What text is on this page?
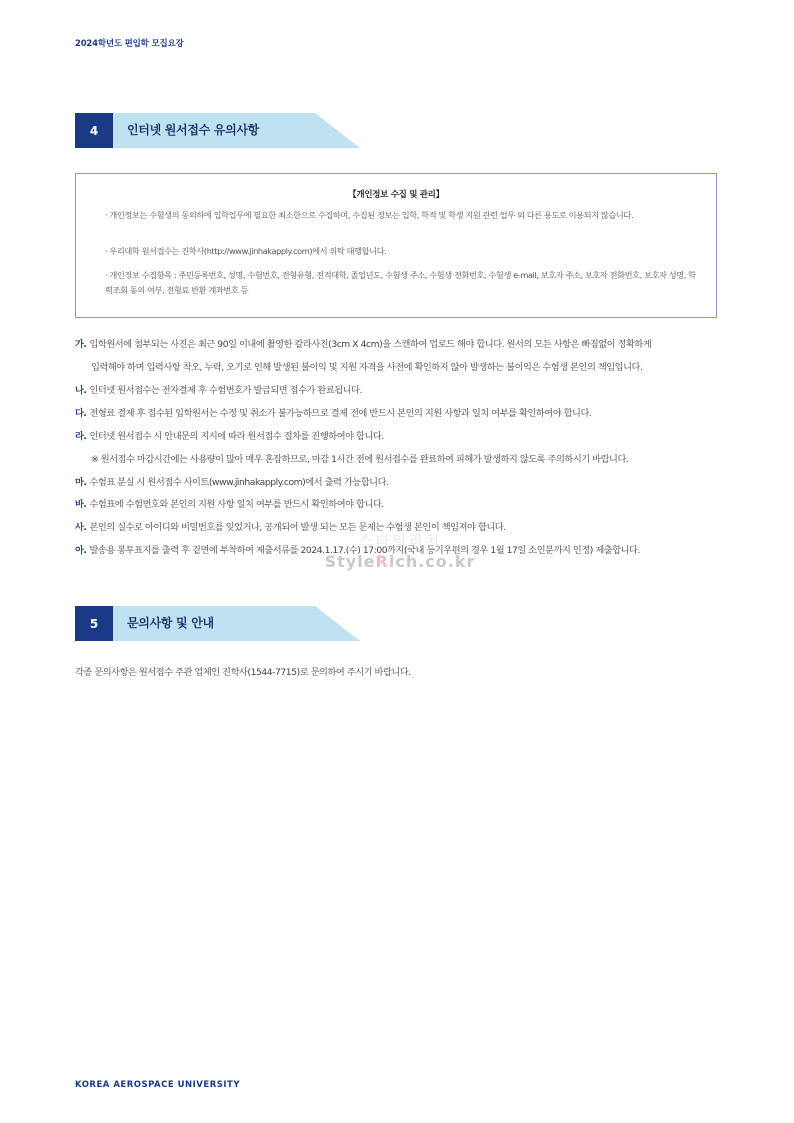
2024학년도 편입학 모집요강
4	인터넷 원서접수 유의사항
【개인정보 수집 및 관리】
· 개인정보는 수험생의 동의하에 입학업무에 필요한 최소한으로 수집하며, 수집된 정보는 입학, 학적 및 학생 지원 관련 업무 외 다른 용도로 이용되지 않습니다.
· 우리대학 원서접수는 진학사(http://www.jinhakapply.com)에서 위탁 대행합니다.
· 개인정보 수집항목 : 주민등록번호, 성명, 수험번호, 전형유형, 전적대학, 졸업년도, 수험생 주소, 수험생 전화번호, 수험생 e-mail, 보호자 주소, 보호자 전화번호, 보호자 성명, 학력조회 동의 여부, 전형료 반환 계좌번호 등
가. 입학원서에 첨부되는 사진은 최근 90일 이내에 촬영한 칼라사진(3cm X 4cm)을 스캔하여 업로드 해야 합니다. 원서의 모든 사항은 빠짐없이 정확하게
입력해야 하며 입력사항 착오, 누락, 오기로 인해 발생된 불이익 및 지원 자격을 사전에 확인하지 않아 발생하는 불이익은 수험생 본인의 책임입니다.
나. 인터넷 원서접수는 전자결제 후 수험번호가 발급되면 접수가 완료됩니다.
다. 전형료 결제 후 접수된 입학원서는 수정 및 취소가 불가능하므로 결제 전에 반드시 본인의 지원 사항과 일치 여부를 확인하여야 합니다.
라. 인터넷 원서접수 시 안내문의 지시에 따라 원서접수 절차를 진행하여야 합니다.
※ 원서접수 마감시간에는 사용량이 많아 매우 혼잡하므로, 마감 1시간 전에 원서접수를 완료하여 피해가 발생하지 않도록 주의하시기 바랍니다.
마. 수험표 분실 시 원서접수 사이트(www.jinhakapply.com)에서 출력 가능합니다.
바. 수험표에 수험번호와 본인의 지원 사항 일치 여부를 반드시 확인하여야 합니다.
사. 본인의 실수로 아이디와 비밀번호를 잊었거나, 공개되어 발생 되는 모든 문제는 수험생 본인이 책임져야 합니다.
아. 발송용 봉투표지를 출력 후 겉면에 부착하여 제출서류를 2024.1.17.(수) 17:00까지(국내 등기우편의 경우 1월 17일 소인분까지 인정) 제출합니다.
스타일리치
StyleRich.co.kr
5	문의사항 및 안내
각종 문의사항은 원서접수 주관 업체인 진학사(1544-7715)로 문의하여 주시기 바랍니다.
KOREA AEROSPACE UNIVERSITY
